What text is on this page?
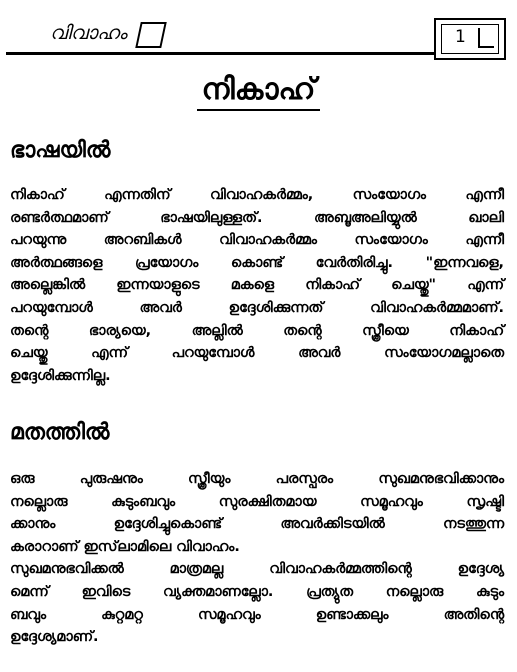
വിവാഹം	1
നികാഹ്
ഭാഷയിൽ
നികാഹ് എന്നതിന് വിവാഹകർമ്മം, സംയോഗം എന്നീ
രണ്ടർത്ഥമാണ് ഭാഷയിലുള്ളത്. അബൂഅലിയ്യുൽ ഖാലി
പറയുന്നു അറബികൾ വിവാഹകർമ്മം സംയോഗം എന്നീ
അർത്ഥങ്ങളെ പ്രയോഗം കൊണ്ട് വേർതിരിച്ചു. "ഇന്നവളെ,
അല്ലെങ്കിൽ ഇന്നയാളുടെ മകളെ നികാഹ് ചെയ്തു" എന്ന്
പറയുമ്പോൾ അവർ ഉദ്ദേശിക്കുന്നത് വിവാഹകർമ്മമാണ്.
തന്റെ ഭാര്യയെ, അല്ലിൽ തന്റെ സ്ത്രീയെ നികാഹ്
ചെയ്തു എന്ന് പറയുമ്പോൾ അവർ സംയോഗമല്ലാതെ
ഉദ്ദേശിക്കുന്നില്ല.
മതത്തിൽ
ഒരു പുരുഷനും സ്ത്രീയും പരസ്പരം സുഖമനുഭവിക്കാനും
നല്ലൊരു കുടുംബവും സുരക്ഷിതമായ സമൂഹവും സൃഷ്ടി
ക്കാനും ഉദ്ദേശിച്ചുകൊണ്ട് അവർക്കിടയിൽ നടത്തുന്ന
കരാറാണ് ഇസ്‌ലാമിലെ വിവാഹം.
സുഖമനുഭവിക്കൽ മാത്രമല്ല വിവാഹകർമ്മത്തിന്റെ ഉദ്ദേശ്യ
മെന്ന് ഇവിടെ വ്യക്തമാണല്ലോ. പ്രത്യുത നല്ലൊരു കുടും
ബവും കുറ്റമറ്റ സമൂഹവും ഉണ്ടാക്കലും അതിന്റെ
ഉദ്ദേശ്യമാണ്.
